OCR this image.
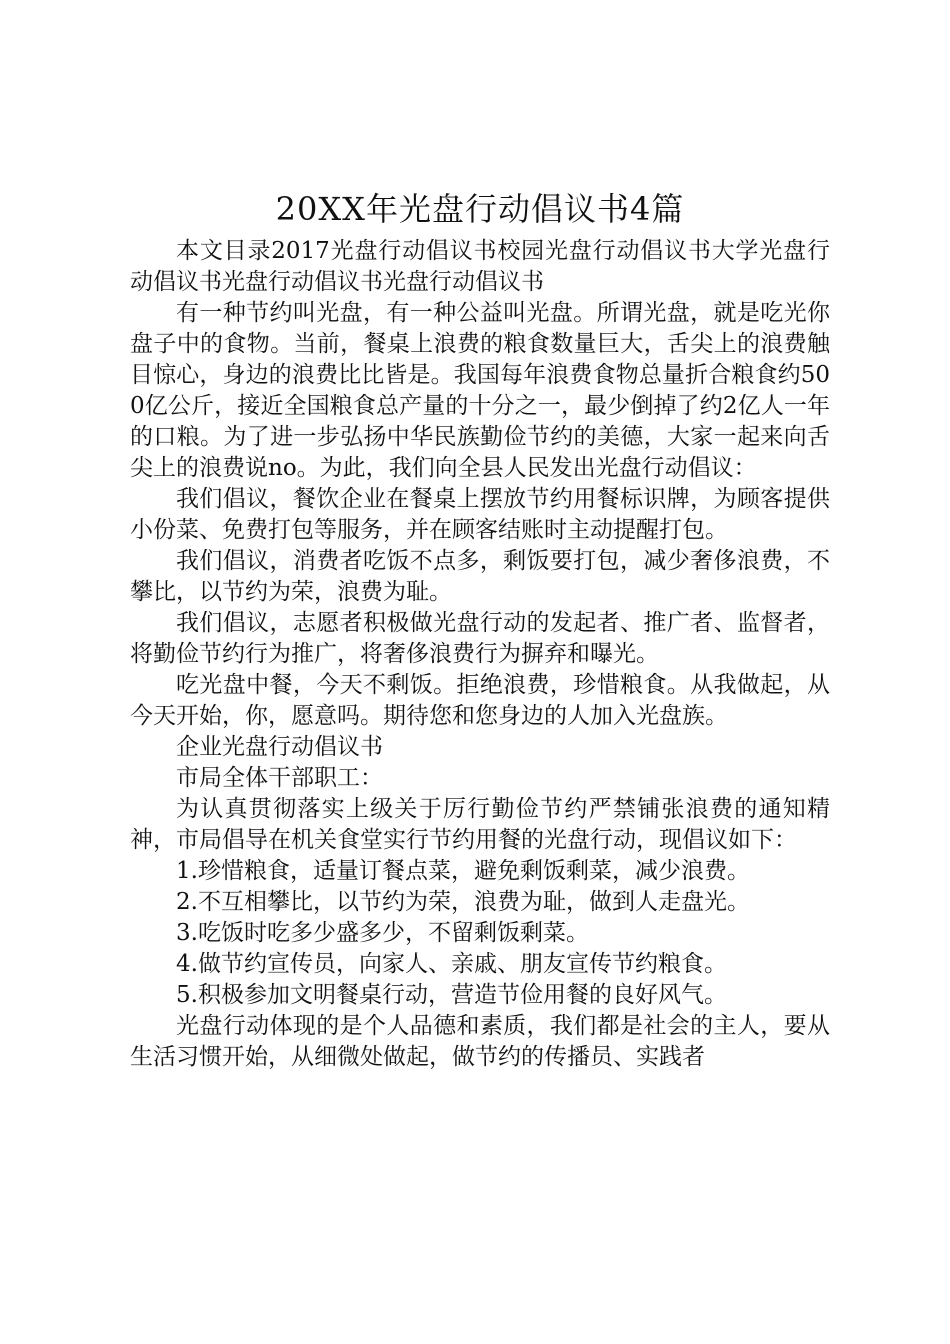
20XX年光盘行动倡议书4篇

本文目录2017光盘行动倡议书校园光盘行动倡议书大学光盘行动倡议书光盘行动倡议书光盘行动倡议书

有一种节约叫光盘，有一种公益叫光盘。所谓光盘，就是吃光你盘子中的食物。当前，餐桌上浪费的粮食数量巨大，舌尖上的浪费触目惊心，身边的浪费比比皆是。我国每年浪费食物总量折合粮食约500亿公斤，接近全国粮食总产量的十分之一，最少倒掉了约2亿人一年的口粮。为了进一步弘扬中华民族勤俭节约的美德，大家一起来向舌尖上的浪费说no。为此，我们向全县人民发出光盘行动倡议：

我们倡议，餐饮企业在餐桌上摆放节约用餐标识牌，为顾客提供小份菜、免费打包等服务，并在顾客结账时主动提醒打包。

我们倡议，消费者吃饭不点多，剩饭要打包，减少奢侈浪费，不攀比，以节约为荣，浪费为耻。

我们倡议，志愿者积极做光盘行动的发起者、推广者、监督者，将勤俭节约行为推广，将奢侈浪费行为摒弃和曝光。

吃光盘中餐，今天不剩饭。拒绝浪费，珍惜粮食。从我做起，从今天开始，你，愿意吗。期待您和您身边的人加入光盘族。

企业光盘行动倡议书

市局全体干部职工：

为认真贯彻落实上级关于厉行勤俭节约严禁铺张浪费的通知精神，市局倡导在机关食堂实行节约用餐的光盘行动，现倡议如下：

1.珍惜粮食，适量订餐点菜，避免剩饭剩菜，减少浪费。

2.不互相攀比，以节约为荣，浪费为耻，做到人走盘光。

3.吃饭时吃多少盛多少，不留剩饭剩菜。

4.做节约宣传员，向家人、亲戚、朋友宣传节约粮食。

5.积极参加文明餐桌行动，营造节俭用餐的良好风气。

光盘行动体现的是个人品德和素质，我们都是社会的主人，要从生活习惯开始，从细微处做起，做节约的传播员、实践者
